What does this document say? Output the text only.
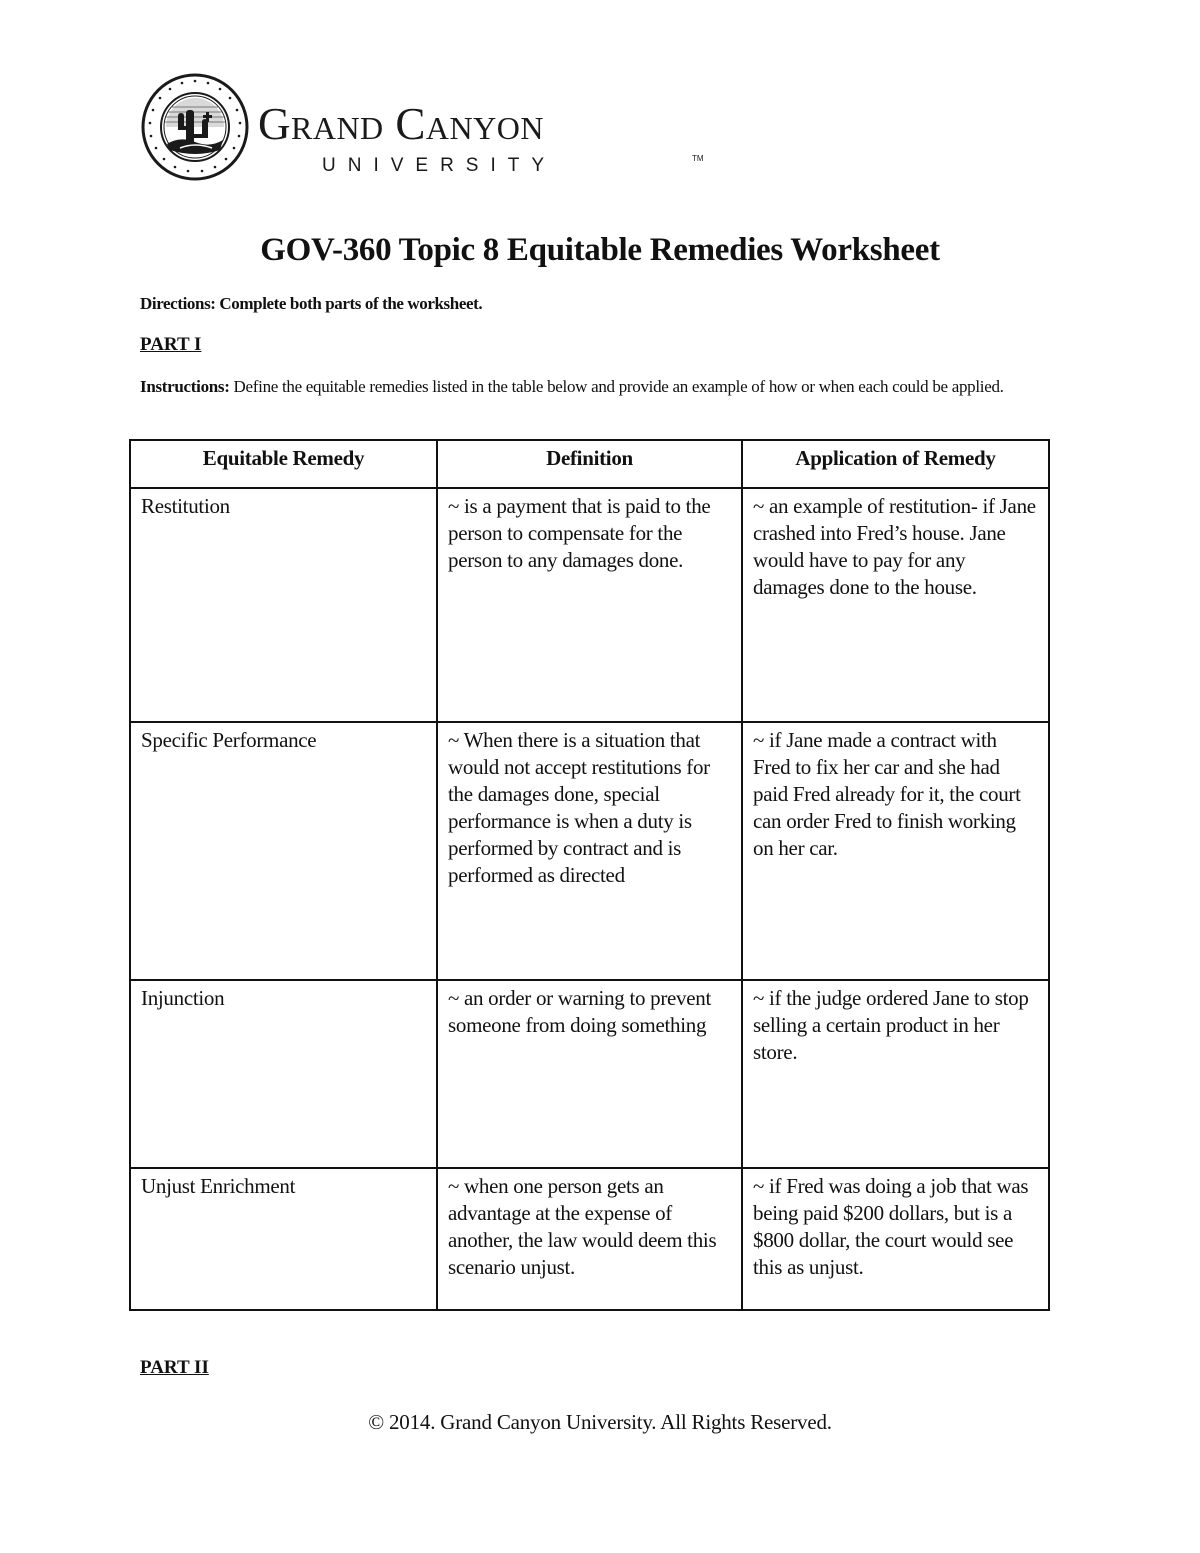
Grand Canyon
UNIVERSITY	TM
GOV-360 Topic 8 Equitable Remedies Worksheet
Directions: Complete both parts of the worksheet.
PART I
Instructions: Define the equitable remedies listed in the table below and provide an example of how or when each could be applied.
Equitable Remedy	Definition	Application of Remedy
Restitution	~ is a payment that is paid to the person to compensate for the person to any damages done.	~ an example of restitution- if Jane crashed into Fred’s house. Jane would have to pay for any damages done to the house.
Specific Performance	~ When there is a situation that would not accept restitutions for the damages done, special performance is when a duty is performed by contract and is performed as directed	~ if Jane made a contract with Fred to fix her car and she had paid Fred already for it, the court can order Fred to finish working on her car.
Injunction	~ an order or warning to prevent someone from doing something	~ if the judge ordered Jane to stop selling a certain product in her store.
Unjust Enrichment	~ when one person gets an advantage at the expense of another, the law would deem this scenario unjust.	~ if Fred was doing a job that was being paid $200 dollars, but is a $800 dollar, the court would see this as unjust.
PART II
© 2014. Grand Canyon University. All Rights Reserved.
